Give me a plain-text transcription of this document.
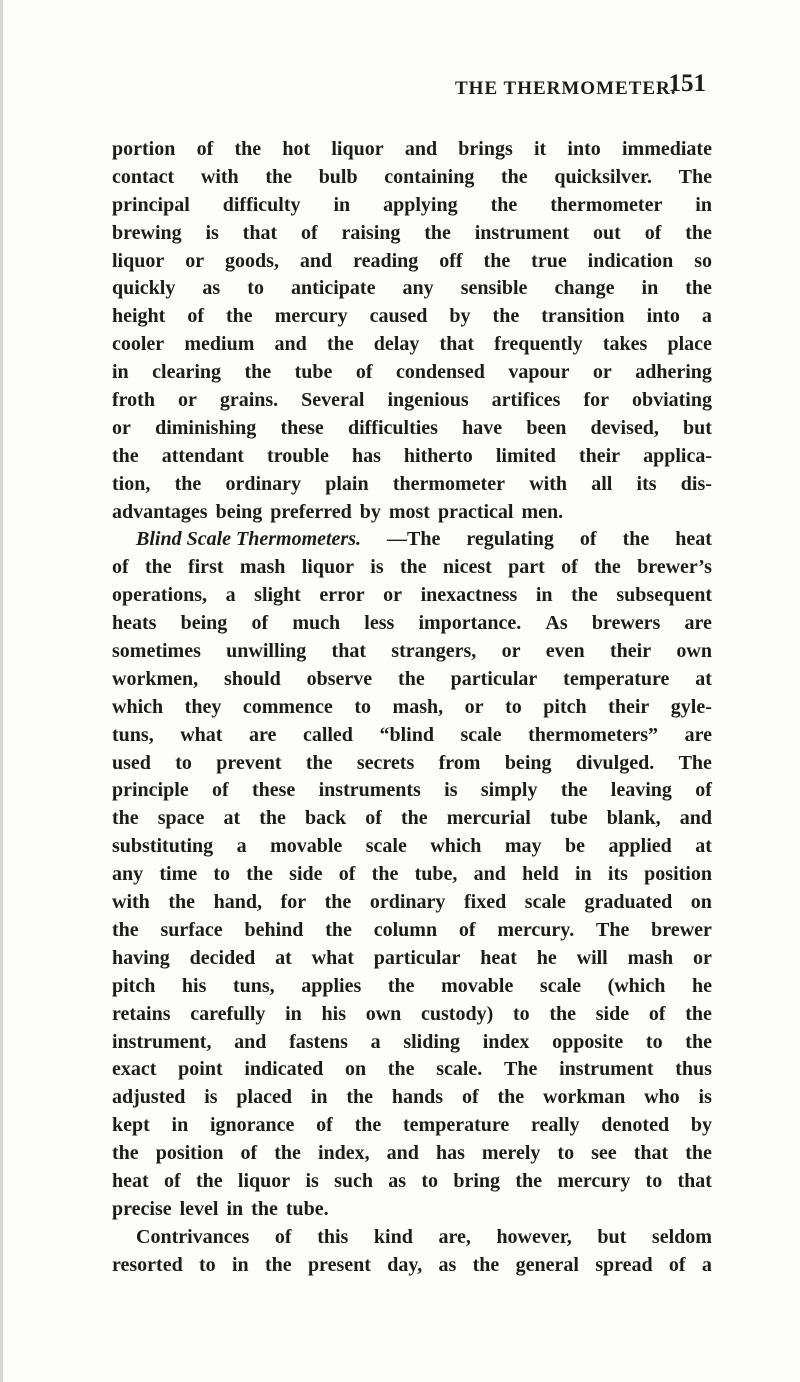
THE THERMOMETER.
151
portion of the hot liquor and brings it into immediate
contact with the bulb containing the quicksilver. The
principal difficulty in applying the thermometer in
brewing is that of raising the instrument out of the
liquor or goods, and reading off the true indication so
quickly as to anticipate any sensible change in the
height of the mercury caused by the transition into a
cooler medium and the delay that frequently takes place
in clearing the tube of condensed vapour or adhering
froth or grains. Several ingenious artifices for obviating
or diminishing these difficulties have been devised, but
the attendant trouble has hitherto limited their applica-
tion, the ordinary plain thermometer with all its dis-
advantages being preferred by most practical men.
Blind Scale Thermometers. —The regulating of the heat
of the first mash liquor is the nicest part of the brewer’s
operations, a slight error or inexactness in the subsequent
heats being of much less importance. As brewers are
sometimes unwilling that strangers, or even their own
workmen, should observe the particular temperature at
which they commence to mash, or to pitch their gyle-
tuns, what are called “blind scale thermometers” are
used to prevent the secrets from being divulged. The
principle of these instruments is simply the leaving of
the space at the back of the mercurial tube blank, and
substituting a movable scale which may be applied at
any time to the side of the tube, and held in its position
with the hand, for the ordinary fixed scale graduated on
the surface behind the column of mercury. The brewer
having decided at what particular heat he will mash or
pitch his tuns, applies the movable scale (which he
retains carefully in his own custody) to the side of the
instrument, and fastens a sliding index opposite to the
exact point indicated on the scale. The instrument thus
adjusted is placed in the hands of the workman who is
kept in ignorance of the temperature really denoted by
the position of the index, and has merely to see that the
heat of the liquor is such as to bring the mercury to that
precise level in the tube.
Contrivances of this kind are, however, but seldom
resorted to in the present day, as the general spread of a
